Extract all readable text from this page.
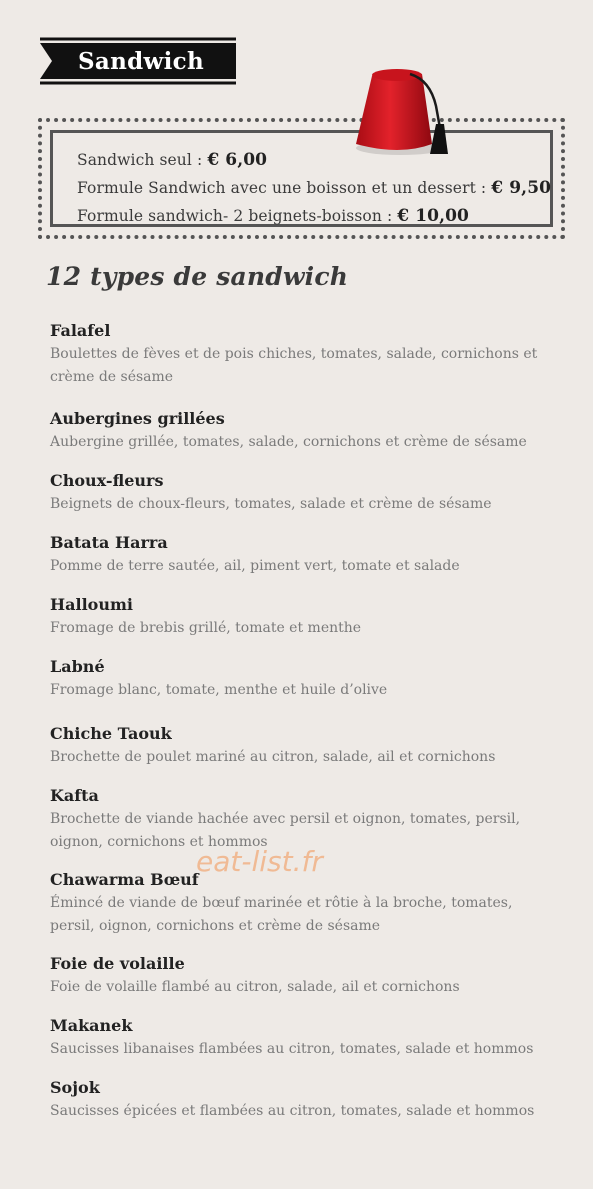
Sandwich
Sandwich seul : € 6,00
Formule Sandwich avec une boisson et un dessert : € 9,50
Formule sandwich- 2 beignets-boisson : € 10,00
12 types de sandwich
Falafel
Boulettes de fèves et de pois chiches, tomates, salade, cornichons et crème de sésame
Aubergines grillées
Aubergine grillée, tomates, salade, cornichons et crème de sésame
Choux-fleurs
Beignets de choux-fleurs, tomates, salade et crème de sésame
Batata Harra
Pomme de terre sautée, ail, piment vert, tomate et salade
Halloumi
Fromage de brebis grillé, tomate et menthe
Labné
Fromage blanc, tomate, menthe et huile d’olive
Chiche Taouk
Brochette de poulet mariné au citron, salade, ail et cornichons
Kafta
Brochette de viande hachée avec persil et oignon, tomates, persil, oignon, cornichons et hommos
Chawarma Bœuf
Émincé de viande de bœuf marinée et rôtie à la broche, tomates, persil, oignon, cornichons et crème de sésame
Foie de volaille
Foie de volaille flambé au citron, salade, ail et cornichons
Makanek
Saucisses libanaises flambées au citron, tomates, salade et hommos
Sojok
Saucisses épicées et flambées au citron, tomates, salade et hommos
eat-list.fr
